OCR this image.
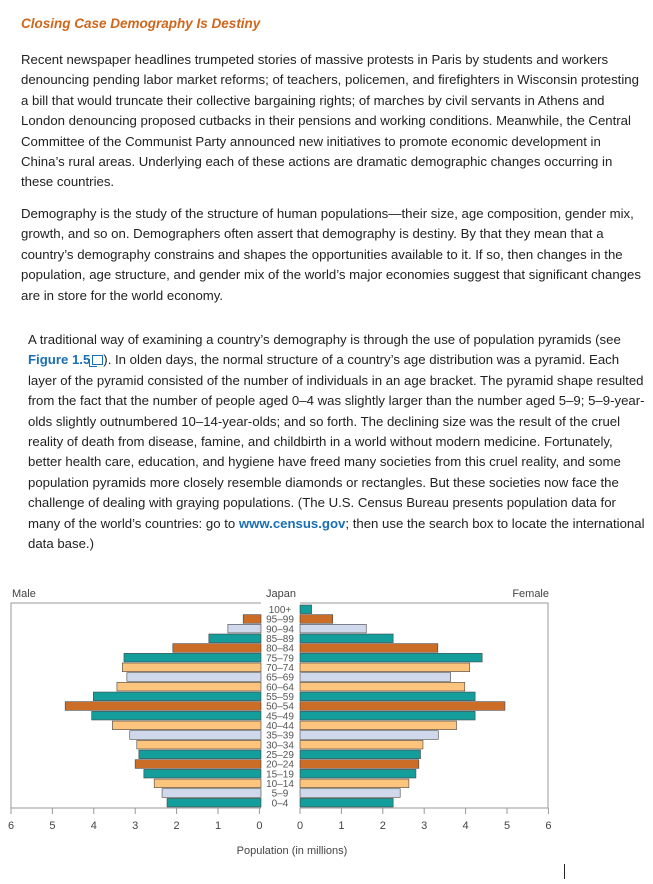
Closing Case Demography Is Destiny

Recent newspaper headlines trumpeted stories of massive protests in Paris by students and workers denouncing pending labor market reforms; of teachers, policemen, and firefighters in Wisconsin protesting a bill that would truncate their collective bargaining rights; of marches by civil servants in Athens and London denouncing proposed cutbacks in their pensions and working conditions. Meanwhile, the Central Committee of the Communist Party announced new initiatives to promote economic development in China’s rural areas. Underlying each of these actions are dramatic demographic changes occurring in these countries.

Demography is the study of the structure of human populations—their size, age composition, gender mix, growth, and so on. Demographers often assert that demography is destiny. By that they mean that a country’s demography constrains and shapes the opportunities available to it. If so, then changes in the population, age structure, and gender mix of the world’s major economies suggest that significant changes are in store for the world economy.

A traditional way of examining a country’s demography is through the use of population pyramids (see Figure 1.5 ). In olden days, the normal structure of a country’s age distribution was a pyramid. Each layer of the pyramid consisted of the number of individuals in an age bracket. The pyramid shape resulted from the fact that the number of people aged 0–4 was slightly larger than the number aged 5–9; 5–9-year-olds slightly outnumbered 10–14-year-olds; and so forth. The declining size was the result of the cruel reality of death from disease, famine, and childbirth in a world without modern medicine. Fortunately, better health care, education, and hygiene have freed many societies from this cruel reality, and some population pyramids more closely resemble diamonds or rectangles. But these societies now face the challenge of dealing with graying populations. (The U.S. Census Bureau presents population data for many of the world’s countries: go to www.census.gov; then use the search box to locate the international data base.)

Male	Japan	Female
100+
95–99
90–94
85–89
80–84
75–79
70–74
65–69
60–64
55–59
50–54
45–49
40–44
35–39
30–34
25–29
20–24
15–19
10–14
5–9
0–4
6	5	4	3	2	1	0	0	1	2	3	4	5	6
Population (in millions)
